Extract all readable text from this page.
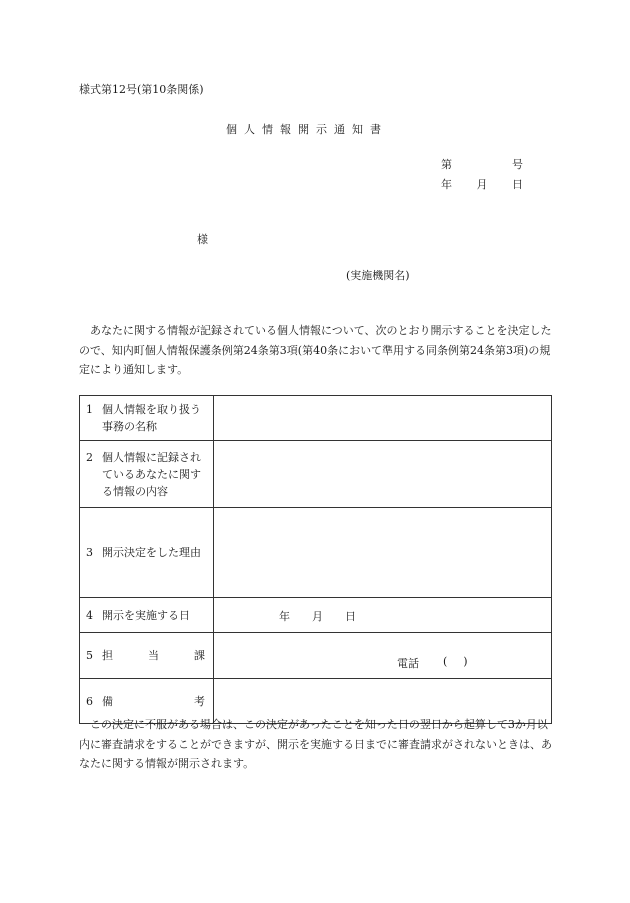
様式第12号(第10条関係)
個人情報開示通知書
第	号
年 月 日
様
(実施機関名)

あなたに関する情報が記録されている個人情報について、次のとおり開示することを決定したので、知内町個人情報保護条例第24条第3項(第40条において準用する同条例第24条第3項)の規定により通知します。

1 個人情報を取り扱う事務の名称	

2 個人情報に記録されているあなたに関する情報の内容	

3 開示決定をした理由	

4 開示を実施する日	年 月 日

5 担 当 課	電話 ( )

6 備 考	

この決定に不服がある場合は、この決定があったことを知った日の翌日から起算して3か月以内に審査請求をすることができますが、開示を実施する日までに審査請求がされないときは、あなたに関する情報が開示されます。
